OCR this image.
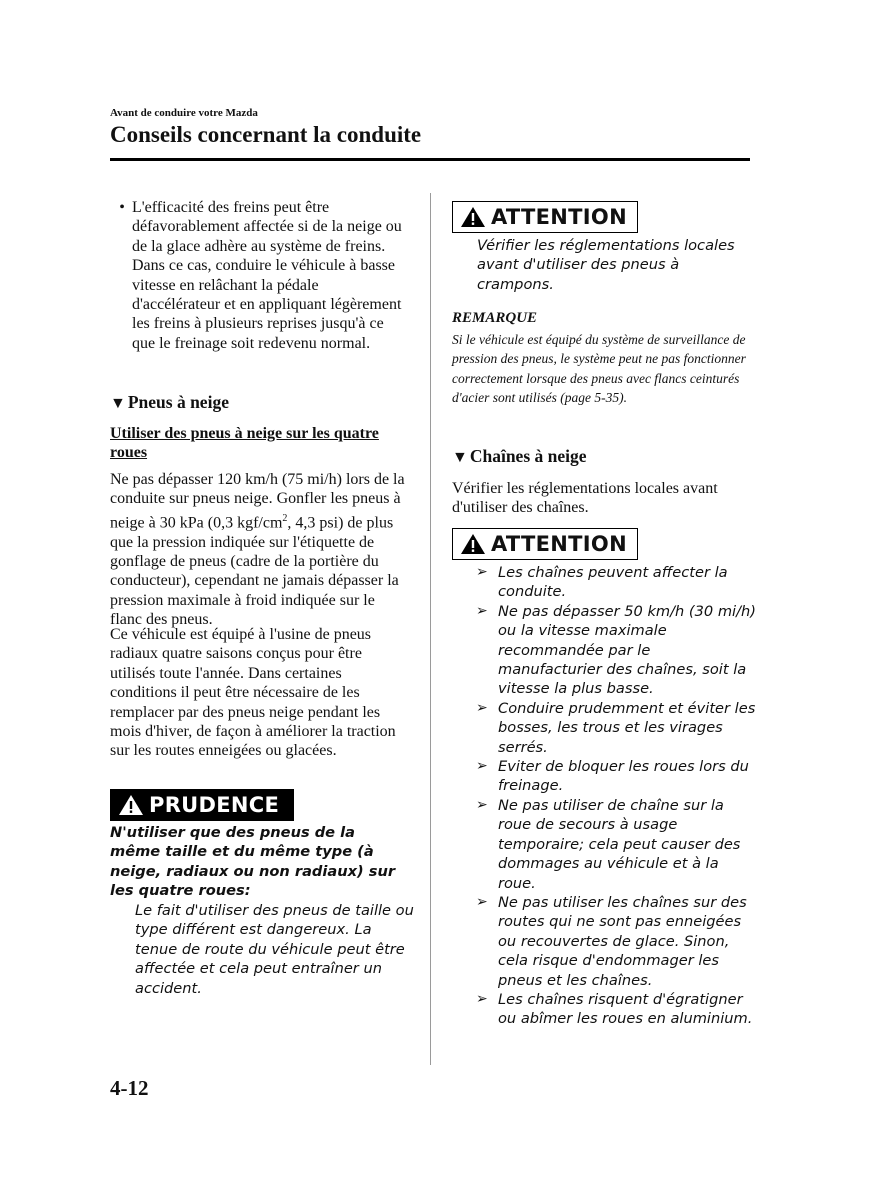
Avant de conduire votre Mazda
Conseils concernant la conduite
• L'efficacité des freins peut être défavorablement affectée si de la neige ou de la glace adhère au système de freins. Dans ce cas, conduire le véhicule à basse vitesse en relâchant la pédale d'accélérateur et en appliquant légèrement les freins à plusieurs reprises jusqu'à ce que le freinage soit redevenu normal.
▼ Pneus à neige
Utiliser des pneus à neige sur les quatre roues
Ne pas dépasser 120 km/h (75 mi/h) lors de la conduite sur pneus neige. Gonfler les pneus à neige à 30 kPa (0,3 kgf/$cm^2$, 4,3 psi) de plus que la pression indiquée sur l'étiquette de gonflage de pneus (cadre de la portière du conducteur), cependant ne jamais dépasser la pression maximale à froid indiquée sur le flanc des pneus.
Ce véhicule est équipé à l'usine de pneus radiaux quatre saisons conçus pour être utilisés toute l'année. Dans certaines conditions il peut être nécessaire de les remplacer par des pneus neige pendant les mois d'hiver, de façon à améliorer la traction sur les routes enneigées ou glacées.
PRUDENCE
N'utiliser que des pneus de la même taille et du même type (à neige, radiaux ou non radiaux) sur les quatre roues:
Le fait d'utiliser des pneus de taille ou type différent est dangereux. La tenue de route du véhicule peut être affectée et cela peut entraîner un accident.
ATTENTION
Vérifier les réglementations locales avant d'utiliser des pneus à crampons.
REMARQUE
Si le véhicule est équipé du système de surveillance de pression des pneus, le système peut ne pas fonctionner correctement lorsque des pneus avec flancs ceinturés d'acier sont utilisés (page 5-35).
▼ Chaînes à neige
Vérifier les réglementations locales avant d'utiliser des chaînes.
ATTENTION
➢ Les chaînes peuvent affecter la conduite.
➢ Ne pas dépasser 50 km/h (30 mi/h) ou la vitesse maximale recommandée par le manufacturier des chaînes, soit la vitesse la plus basse.
➢ Conduire prudemment et éviter les bosses, les trous et les virages serrés.
➢ Eviter de bloquer les roues lors du freinage.
➢ Ne pas utiliser de chaîne sur la roue de secours à usage temporaire; cela peut causer des dommages au véhicule et à la roue.
➢ Ne pas utiliser les chaînes sur des routes qui ne sont pas enneigées ou recouvertes de glace. Sinon, cela risque d'endommager les pneus et les chaînes.
➢ Les chaînes risquent d'égratigner ou abîmer les roues en aluminium.
4-12
